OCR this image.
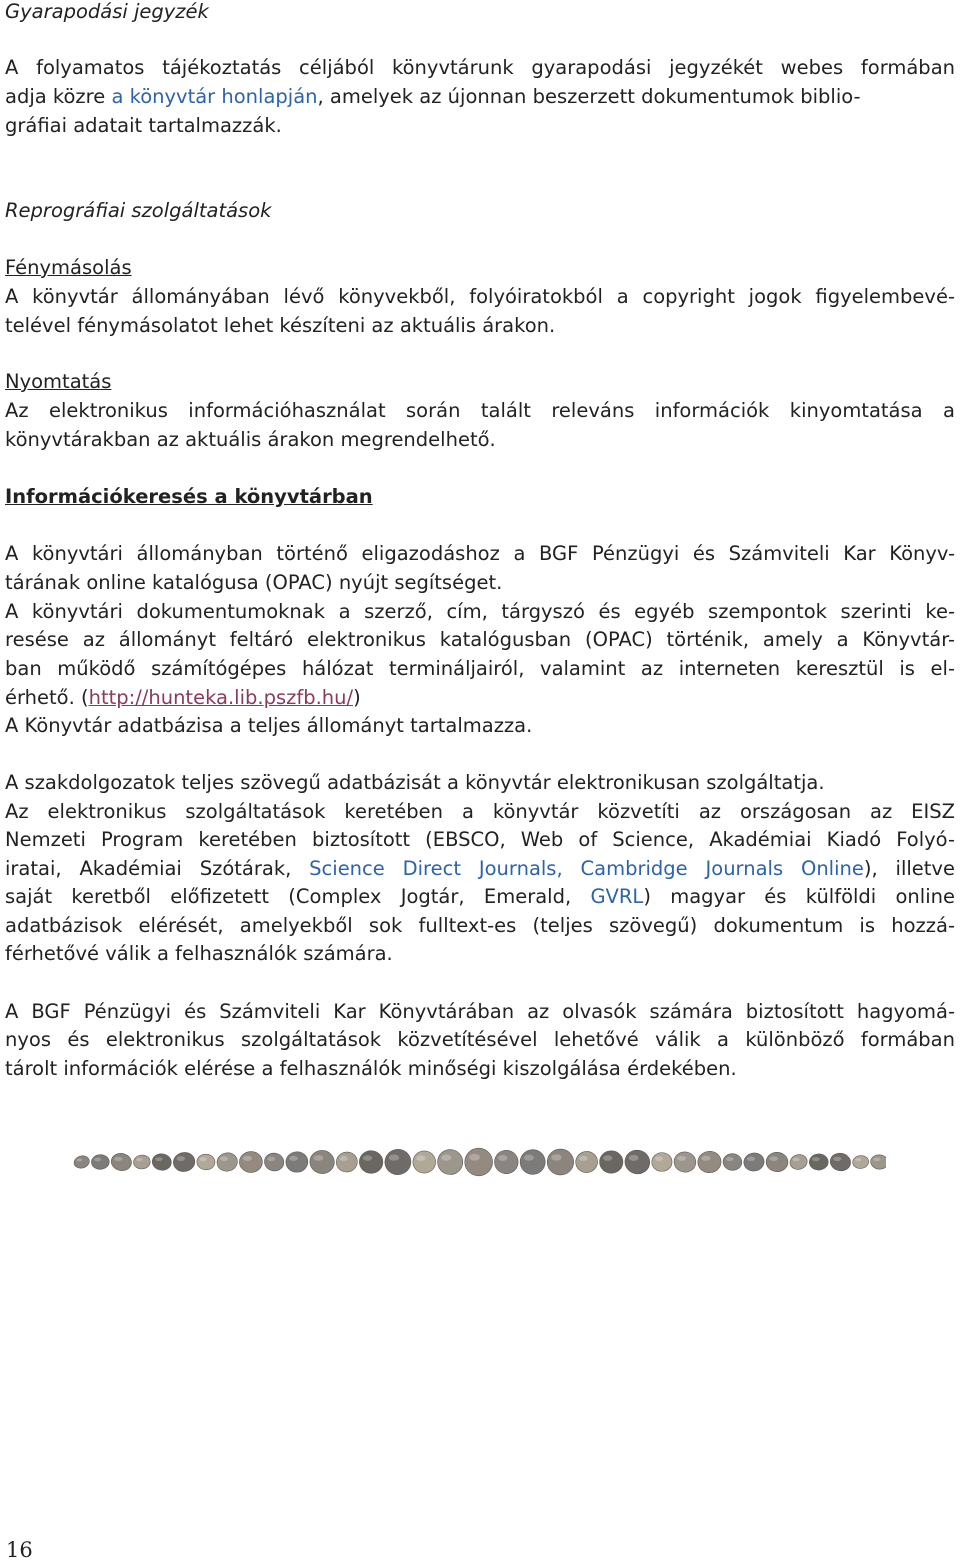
Gyarapodási jegyzék

A folyamatos tájékoztatás céljából könyvtárunk gyarapodási jegyzékét webes formában

adja közre a könyvtár honlapján, amelyek az újonnan beszerzett dokumentumok biblio-

gráfiai adatait tartalmazzák.

Reprográfiai szolgáltatások

Fénymásolás

A könyvtár állományában lévő könyvekből, folyóiratokból a copyright jogok figyelembevé-

telével fénymásolatot lehet készíteni az aktuális árakon.

Nyomtatás

Az elektronikus információhasználat során talált releváns információk kinyomtatása a

könyvtárakban az aktuális árakon megrendelhető.

Információkeresés a könyvtárban

A könyvtári állományban történő eligazodáshoz a BGF Pénzügyi és Számviteli Kar Könyv-

tárának online katalógusa (OPAC) nyújt segítséget.

A könyvtári dokumentumoknak a szerző, cím, tárgyszó és egyéb szempontok szerinti ke-

resése az állományt feltáró elektronikus katalógusban (OPAC) történik, amely a Könyvtár-

ban működő számítógépes hálózat termináljairól, valamint az interneten keresztül is el-

érhető. (http://hunteka.lib.pszfb.hu/)

A Könyvtár adatbázisa a teljes állományt tartalmazza.

A szakdolgozatok teljes szövegű adatbázisát a könyvtár elektronikusan szolgáltatja.

Az elektronikus szolgáltatások keretében a könyvtár közvetíti az országosan az EISZ

Nemzeti Program keretében biztosított (EBSCO, Web of Science, Akadémiai Kiadó Folyó-

iratai, Akadémiai Szótárak, Science Direct Journals, Cambridge Journals Online), illetve

saját keretből előfizetett (Complex Jogtár, Emerald, GVRL) magyar és külföldi online

adatbázisok elérését, amelyekből sok fulltext-es (teljes szövegű) dokumentum is hozzá-

férhetővé válik a felhasználók számára.

A BGF Pénzügyi és Számviteli Kar Könyvtárában az olvasók számára biztosított hagyomá-

nyos és elektronikus szolgáltatások közvetítésével lehetővé válik a különböző formában

tárolt információk elérése a felhasználók minőségi kiszolgálása érdekében.

16
